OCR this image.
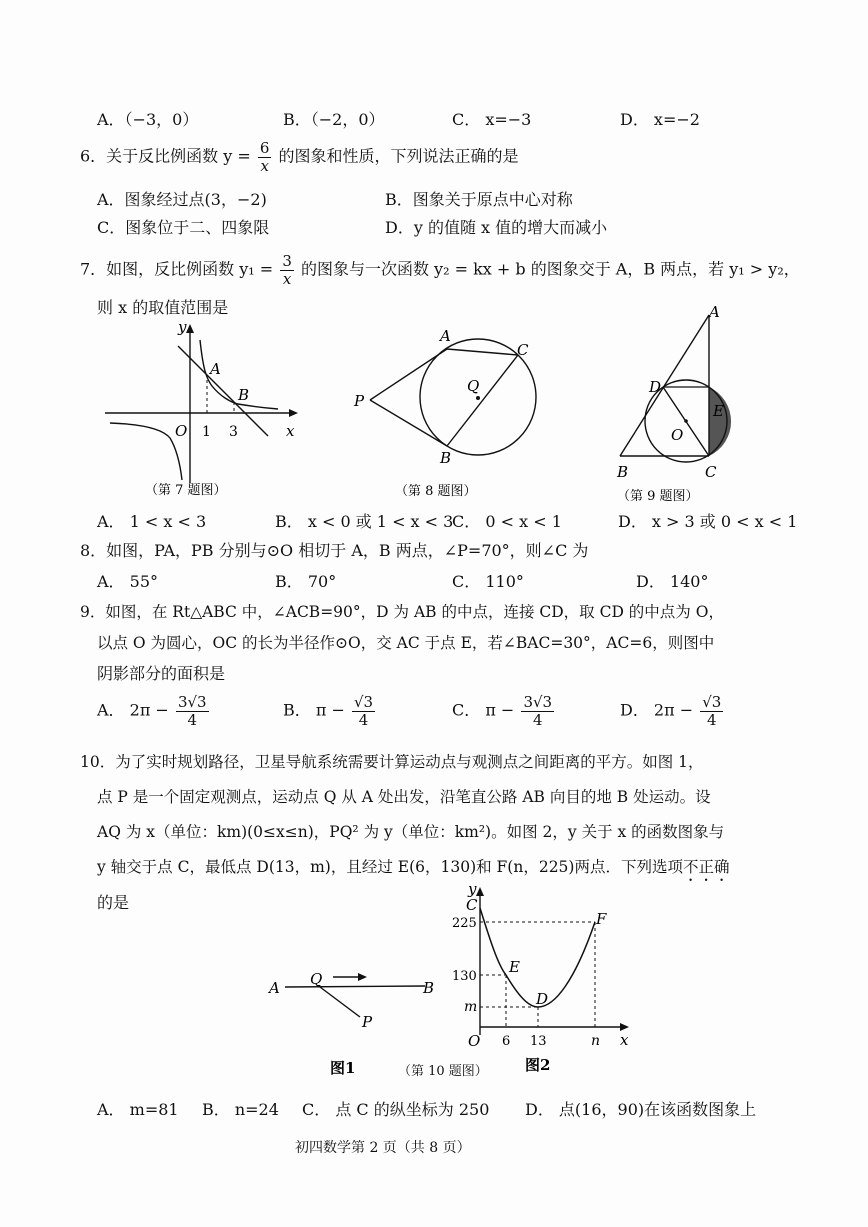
A．（−3，0）	B．（−2，0）	C． x=−3	D． x=−2
6．关于反比例函数 $y = \frac{6}{x}$ 的图象和性质，下列说法正确的是
A．图象经过点(3，−2)	B．图象关于原点中心对称
C．图象位于二、四象限	D．y 的值随 x 值的增大而减小
7．如图，反比例函数 $y_1 = \frac{3}{x}$ 的图象与一次函数 y₂ = kx + b 的图象交于 A，B 两点，若 y₁ > y₂，
则 x 的取值范围是
y
x
O
A
B
1 3
（第 7 题图）
P
A
B
C
Q
（第 8 题图）
A
B	C
D
E
O
（第 9 题图）
A． 1 < x < 3	B． x < 0 或 1 < x < 3
C． 0 < x < 1	D． x > 3 或 0 < x < 1
8．如图，PA，PB 分别与⊙O 相切于 A，B 两点，∠P=70°，则∠C 为
A． 55°	B． 70°	C． 110°	D． 140°
9．如图，在 Rt△ABC 中，∠ACB=90°，D 为 AB 的中点，连接 CD，取 CD 的中点为 O，
以点 O 为圆心，OC 的长为半径作⊙O，交 AC 于点 E，若∠BAC=30°，AC=6，则图中
阴影部分的面积是
A． $2\pi - \frac{3√3}{4}$	B． $\pi - \frac{√3}{4}$	C． $\pi - \frac{3√3}{4}$	D． $2\pi - \frac{√3}{4}$
10．为了实时规划路径，卫星导航系统需要计算运动点与观测点之间距离的平方。如图 1，
点 P 是一个固定观测点，运动点 Q 从 A 处出发，沿笔直公路 AB 向目的地 B 处运动。设
AQ 为 x（单位：km)(0≤x≤n)，PQ² 为 y（单位：km²)。如图 2，y 关于 x 的函数图象与
y 轴交于点 C，最低点 D(13，m)，且经过 E(6，130)和 F(n，225)两点．下列选项不正确
的是
A	B
Q
P
图1	（第 10 题图）
y
x
O
C
D
E
F
225
130
m
6 13	n
图2
A． m=81 B． n=24 C． 点 C 的纵坐标为 250 D． 点(16，90)在该函数图象上
初四数学第 2 页（共 8 页）
